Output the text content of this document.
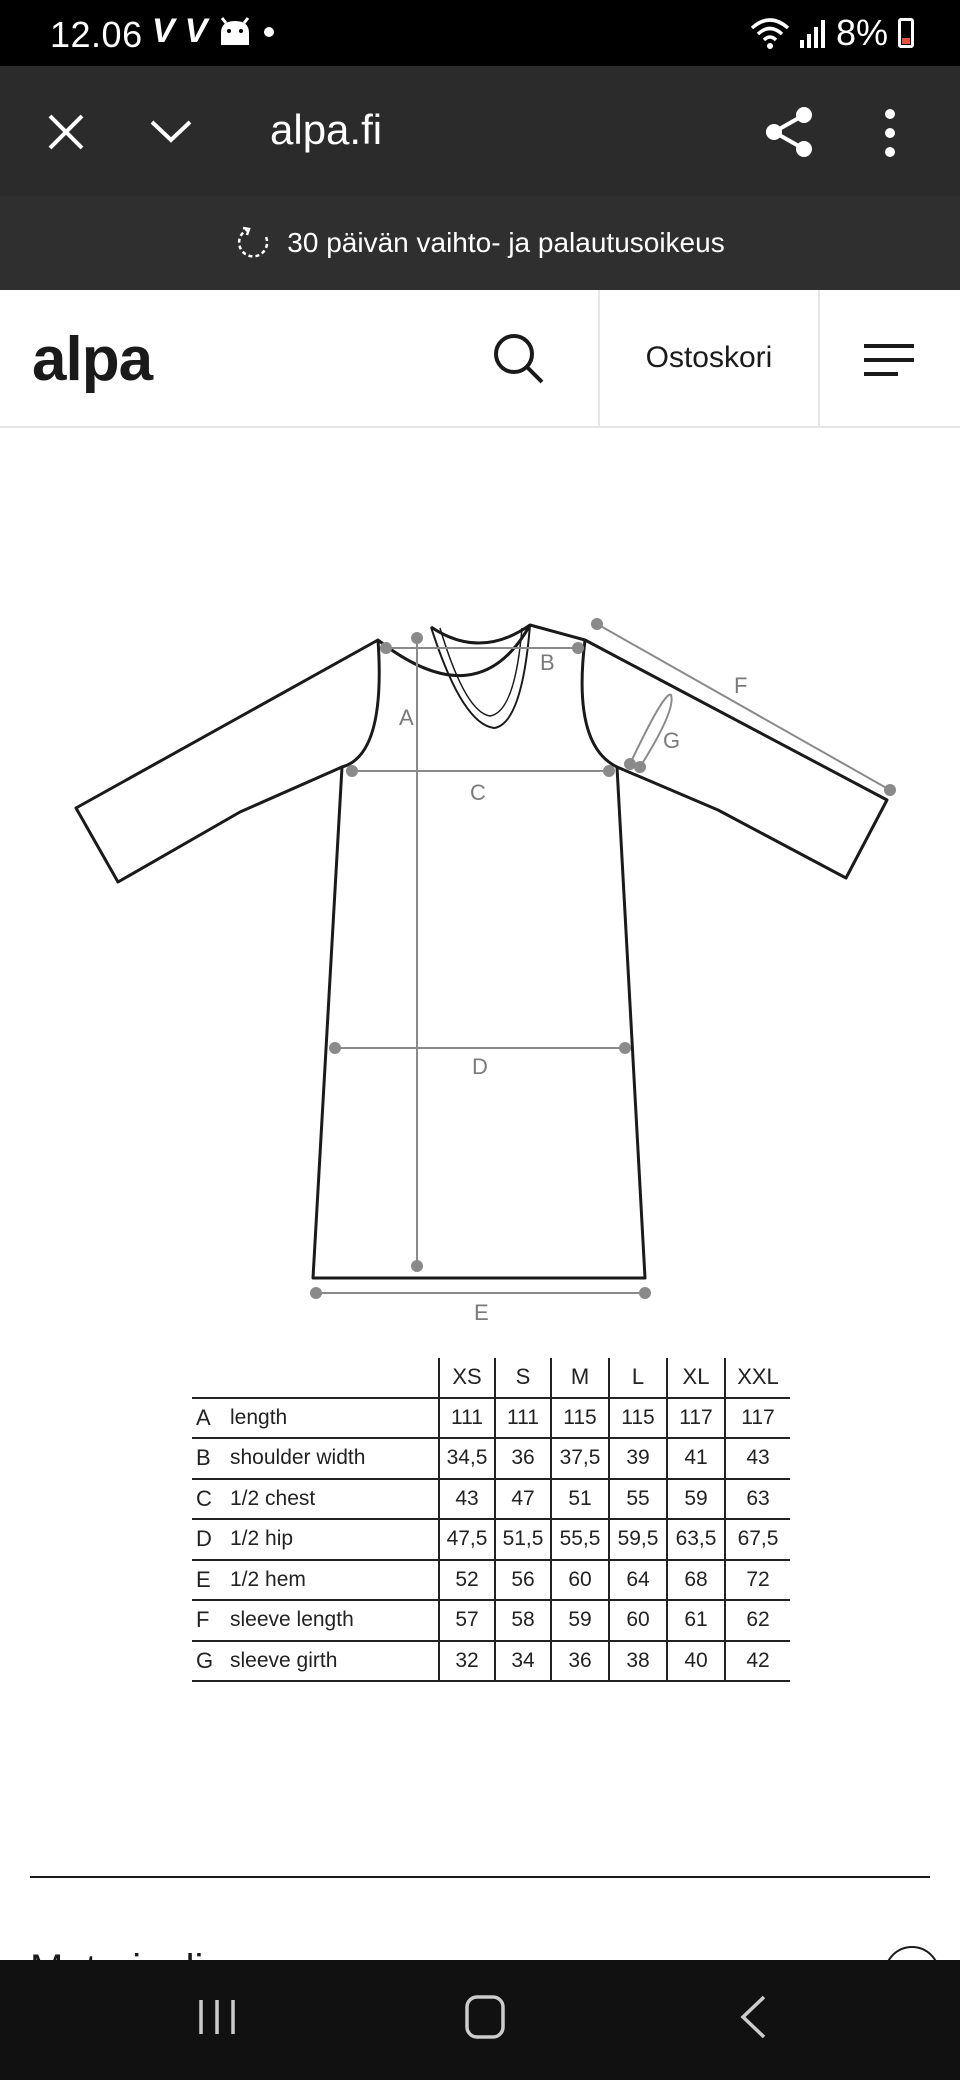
12.06 V V	8%
alpa.fi
30 päivän vaihto- ja palautusoikeus
alpa	Ostoskori
A
B
C
D
E
F
G
		XS	S	M	L	XL	XXL
A	length	111	111	115	115	117	117
B	shoulder width	34,5	36	37,5	39	41	43
C	1/2 chest	43	47	51	55	59	63
D	1/2 hip	47,5	51,5	55,5	59,5	63,5	67,5
E	1/2 hem	52	56	60	64	68	72
F	sleeve length	57	58	59	60	61	62
G	sleeve girth	32	34	36	38	40	42
